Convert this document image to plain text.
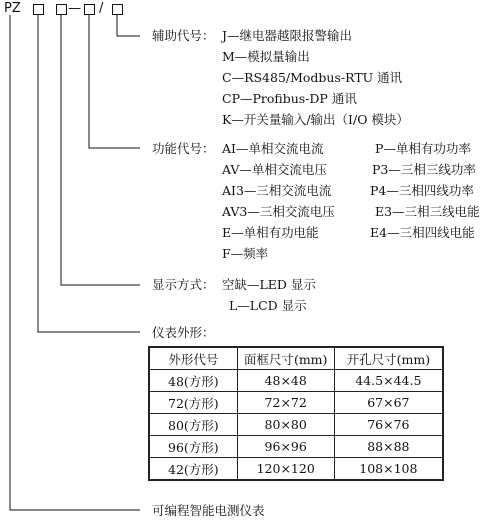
PZ	— /
辅助代号： J—继电器越限报警输出
M—模拟量输出
C—RS485/Modbus-RTU 通讯
CP—Profibus-DP 通讯
K—开关量输入/输出（I/O 模块）
功能代号： AI—单相交流电流
AV—单相交流电压
AI3—三相交流电流
AV3—三相交流电压
E—单相有功电能
F—频率
P—单相有功功率
P3—三相三线功率
P4—三相四线功率
E3—三相三线电能
E4—三相四线电能
显示方式： 空缺—LED 显示
L—LCD 显示
仪表外形：
外形代号	面框尺寸(mm)	开孔尺寸(mm)
48(方形)	48×48	44.5×44.5
72(方形)	72×72	67×67
80(方形)	80×80	76×76
96(方形)	96×96	88×88
42(方形)	120×120	108×108
可编程智能电测仪表
